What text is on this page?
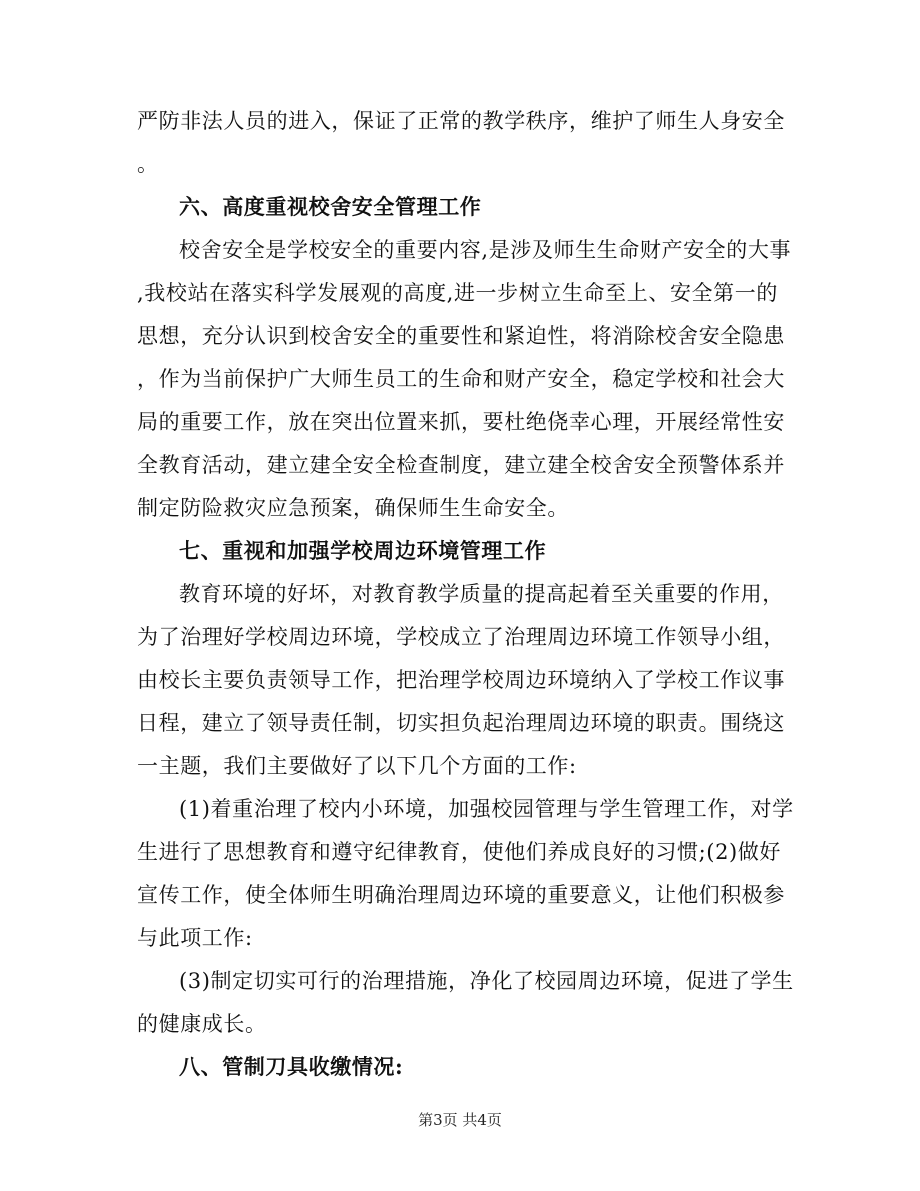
严防非法人员的进入，保证了正常的教学秩序，维护了师生人身安全
。
六、高度重视校舍安全管理工作
校舍安全是学校安全的重要内容,是涉及师生生命财产安全的大事
,我校站在落实科学发展观的高度,进一步树立生命至上、安全第一的
思想，充分认识到校舍安全的重要性和紧迫性，将消除校舍安全隐患
，作为当前保护广大师生员工的生命和财产安全，稳定学校和社会大
局的重要工作，放在突出位置来抓，要杜绝侥幸心理，开展经常性安
全教育活动，建立建全安全检查制度，建立建全校舍安全预警体系并
制定防险救灾应急预案，确保师生生命安全。
七、重视和加强学校周边环境管理工作
教育环境的好坏，对教育教学质量的提高起着至关重要的作用，
为了治理好学校周边环境，学校成立了治理周边环境工作领导小组，
由校长主要负责领导工作，把治理学校周边环境纳入了学校工作议事
日程，建立了领导责任制，切实担负起治理周边环境的职责。围绕这
一主题，我们主要做好了以下几个方面的工作:
(1)着重治理了校内小环境，加强校园管理与学生管理工作，对学
生进行了思想教育和遵守纪律教育，使他们养成良好的习惯;(2)做好
宣传工作，使全体师生明确治理周边环境的重要意义，让他们积极参
与此项工作:
(3)制定切实可行的治理措施，净化了校园周边环境，促进了学生
的健康成长。
八、管制刀具收缴情况:
第3页 共4页
